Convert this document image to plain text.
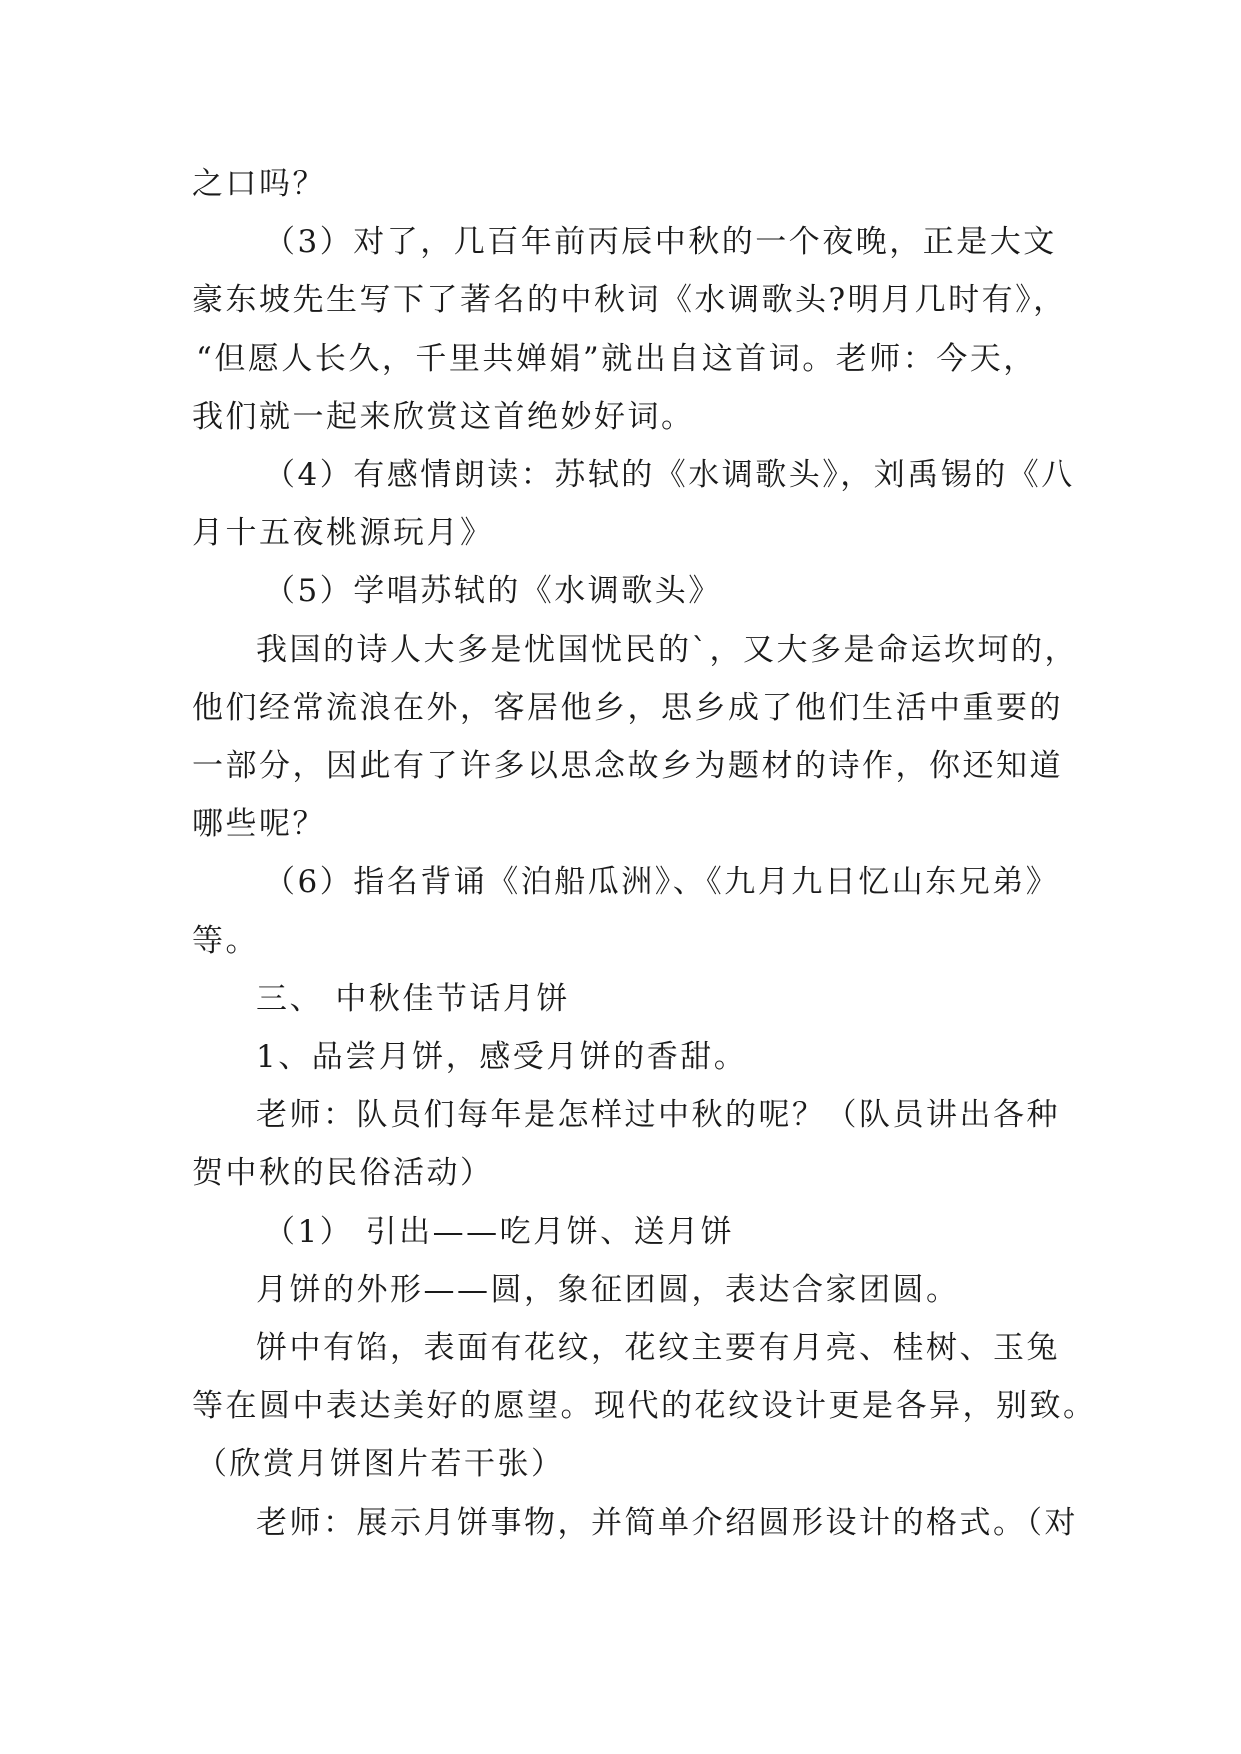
之口吗？
（3）对了，几百年前丙辰中秋的一个夜晚，正是大文
豪东坡先生写下了著名的中秋词《水调歌头?明月几时有》，
“但愿人长久，千里共婵娟”就出自这首词。老师：今天，
我们就一起来欣赏这首绝妙好词。
（4）有感情朗读：苏轼的《水调歌头》，刘禹锡的《八
月十五夜桃源玩月》
（5）学唱苏轼的《水调歌头》
我国的诗人大多是忧国忧民的`，又大多是命运坎坷的，
他们经常流浪在外，客居他乡，思乡成了他们生活中重要的
一部分，因此有了许多以思念故乡为题材的诗作，你还知道
哪些呢？
（6）指名背诵《泊船瓜洲》、《九月九日忆山东兄弟》
等。
三、 中秋佳节话月饼
1、品尝月饼，感受月饼的香甜。
老师：队员们每年是怎样过中秋的呢？（队员讲出各种
贺中秋的民俗活动）
（1） 引出——吃月饼、送月饼
月饼的外形——圆，象征团圆，表达合家团圆。
饼中有馅，表面有花纹，花纹主要有月亮、桂树、玉兔
等在圆中表达美好的愿望。现代的花纹设计更是各异，别致。
（欣赏月饼图片若干张）
老师：展示月饼事物，并简单介绍圆形设计的格式。（对
